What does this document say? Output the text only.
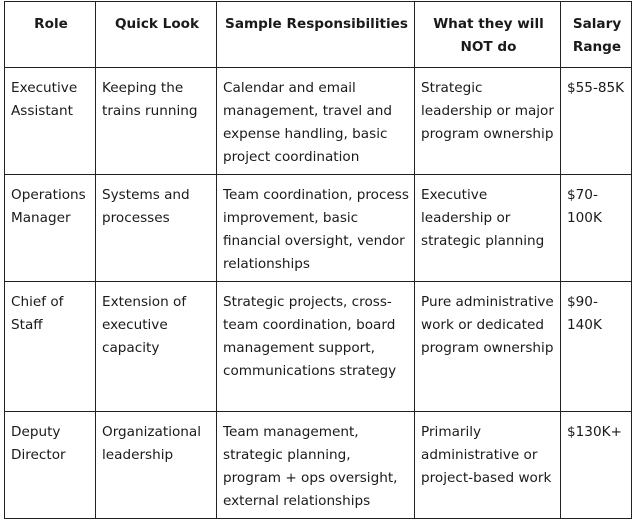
Role	Quick Look	Sample Responsibilities	What they will NOT do	Salary Range
Executive Assistant	Keeping the trains running	Calendar and email management, travel and expense handling, basic project coordination	Strategic leadership or major program ownership	$55-85K
Operations Manager	Systems and processes	Team coordination, process improvement, basic financial oversight, vendor relationships	Executive leadership or strategic planning	$70-100K
Chief of Staff	Extension of executive capacity	Strategic projects, cross-team coordination, board management support, communications strategy	Pure administrative work or dedicated program ownership	$90-140K
Deputy Director	Organizational leadership	Team management, strategic planning, program + ops oversight, external relationships	Primarily administrative or project-based work	$130K+
